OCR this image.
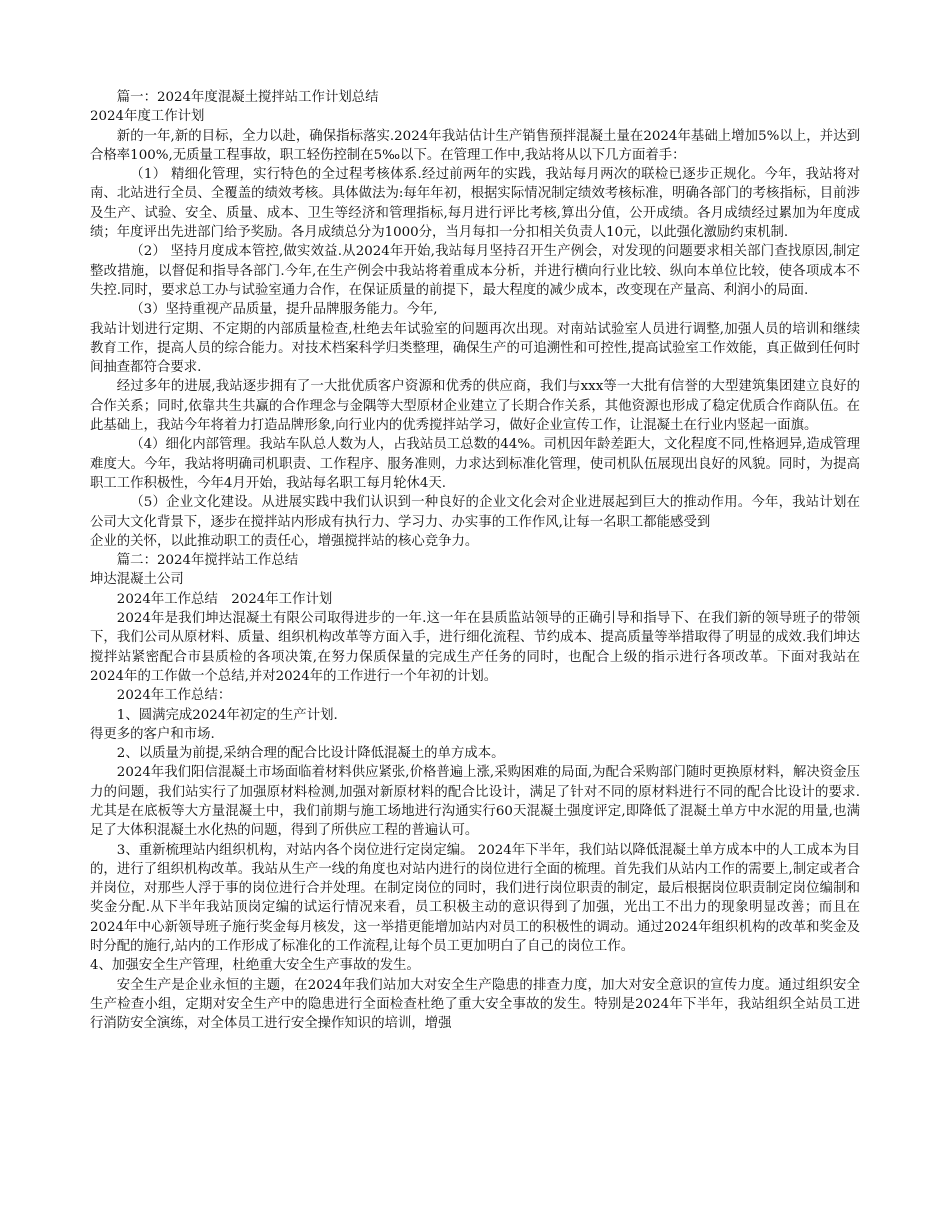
篇一：2024年度混凝土搅拌站工作计划总结

2024年度工作计划

新的一年,新的目标，全力以赴，确保指标落实.2024年我站估计生产销售预拌混凝土量在2024年基础上增加5%以上，并达到合格率100%,无质量工程事故，职工轻伤控制在5‰以下。在管理工作中,我站将从以下几方面着手：

（1） 精细化管理，实行特色的全过程考核体系.经过前两年的实践，我站每月两次的联检已逐步正规化。今年，我站将对南、北站进行全员、全覆盖的绩效考核。具体做法为:每年年初，根据实际情况制定绩效考核标准，明确各部门的考核指标，目前涉及生产、试验、安全、质量、成本、卫生等经济和管理指标,每月进行评比考核,算出分值，公开成绩。各月成绩经过累加为年度成绩；年度评出先进部门给予奖励。各月成绩总分为1000分，当月每扣一分扣相关负责人10元，以此强化激励约束机制.

（2） 坚持月度成本管控,做实效益.从2024年开始,我站每月坚持召开生产例会，对发现的问题要求相关部门查找原因,制定整改措施，以督促和指导各部门.今年,在生产例会中我站将着重成本分析，并进行横向行业比较、纵向本单位比较，使各项成本不失控.同时，要求总工办与试验室通力合作，在保证质量的前提下，最大程度的减少成本，改变现在产量高、利润小的局面.

（3）坚持重视产品质量，提升品牌服务能力。今年,

我站计划进行定期、不定期的内部质量检查,杜绝去年试验室的问题再次出现。对南站试验室人员进行调整,加强人员的培训和继续教育工作，提高人员的综合能力。对技术档案科学归类整理，确保生产的可追溯性和可控性,提高试验室工作效能，真正做到任何时间抽查都符合要求.

经过多年的进展,我站逐步拥有了一大批优质客户资源和优秀的供应商，我们与xxx等一大批有信誉的大型建筑集团建立良好的合作关系；同时,依靠共生共赢的合作理念与金隅等大型原材企业建立了长期合作关系，其他资源也形成了稳定优质合作商队伍。在此基础上，我站今年将着力打造品牌形象,向行业内的优秀搅拌站学习，做好企业宣传工作，让混凝土在行业内竖起一面旗。

（4）细化内部管理。我站车队总人数为人，占我站员工总数的44%。司机因年龄差距大，文化程度不同,性格迥异,造成管理难度大。今年，我站将明确司机职责、工作程序、服务准则，力求达到标准化管理，使司机队伍展现出良好的风貌。同时，为提高职工工作积极性，今年4月开始，我站每名职工每月轮休4天.

（5）企业文化建设。从进展实践中我们认识到一种良好的企业文化会对企业进展起到巨大的推动作用。今年，我站计划在公司大文化背景下，逐步在搅拌站内形成有执行力、学习力、办实事的工作作风,让每一名职工都能感受到

企业的关怀，以此推动职工的责任心，增强搅拌站的核心竞争力。

篇二：2024年搅拌站工作总结

坤达混凝土公司

2024年工作总结　2024年工作计划

2024年是我们坤达混凝土有限公司取得进步的一年.这一年在县质监站领导的正确引导和指导下、在我们新的领导班子的带领下，我们公司从原材料、质量、组织机构改革等方面入手，进行细化流程、节约成本、提高质量等举措取得了明显的成效.我们坤达搅拌站紧密配合市县质检的各项决策,在努力保质保量的完成生产任务的同时，也配合上级的指示进行各项改革。下面对我站在2024年的工作做一个总结,并对2024年的工作进行一个年初的计划。

2024年工作总结：

1、圆满完成2024年初定的生产计划.

得更多的客户和市场.

2、以质量为前提,采纳合理的配合比设计降低混凝土的单方成本。

2024年我们阳信混凝土市场面临着材料供应紧张,价格普遍上涨,采购困难的局面,为配合采购部门随时更换原材料，解决资金压力的问题，我们站实行了加强原材料检测,加强对新原材料的配合比设计，满足了针对不同的原材料进行不同的配合比设计的要求.尤其是在底板等大方量混凝土中，我们前期与施工场地进行沟通实行60天混凝土强度评定,即降低了混凝土单方中水泥的用量,也满足了大体积混凝土水化热的问题，得到了所供应工程的普遍认可。

3、重新梳理站内组织机构，对站内各个岗位进行定岗定编。 2024年下半年，我们站以降低混凝土单方成本中的人工成本为目的，进行了组织机构改革。我站从生产一线的角度也对站内进行的岗位进行全面的梳理。首先我们从站内工作的需要上,制定或者合并岗位，对那些人浮于事的岗位进行合并处理。在制定岗位的同时，我们进行岗位职责的制定，最后根据岗位职责制定岗位编制和奖金分配.从下半年我站顶岗定编的试运行情况来看，员工积极主动的意识得到了加强，光出工不出力的现象明显改善；而且在2024年中心新领导班子施行奖金每月核发，这一举措更能增加站内对员工的积极性的调动。通过2024年组织机构的改革和奖金及时分配的施行,站内的工作形成了标准化的工作流程,让每个员工更加明白了自己的岗位工作。

4、加强安全生产管理，杜绝重大安全生产事故的发生。

安全生产是企业永恒的主题，在2024年我们站加大对安全生产隐患的排查力度，加大对安全意识的宣传力度。通过组织安全生产检查小组，定期对安全生产中的隐患进行全面检查杜绝了重大安全事故的发生。特别是2024年下半年，我站组织全站员工进行消防安全演练，对全体员工进行安全操作知识的培训，增强
